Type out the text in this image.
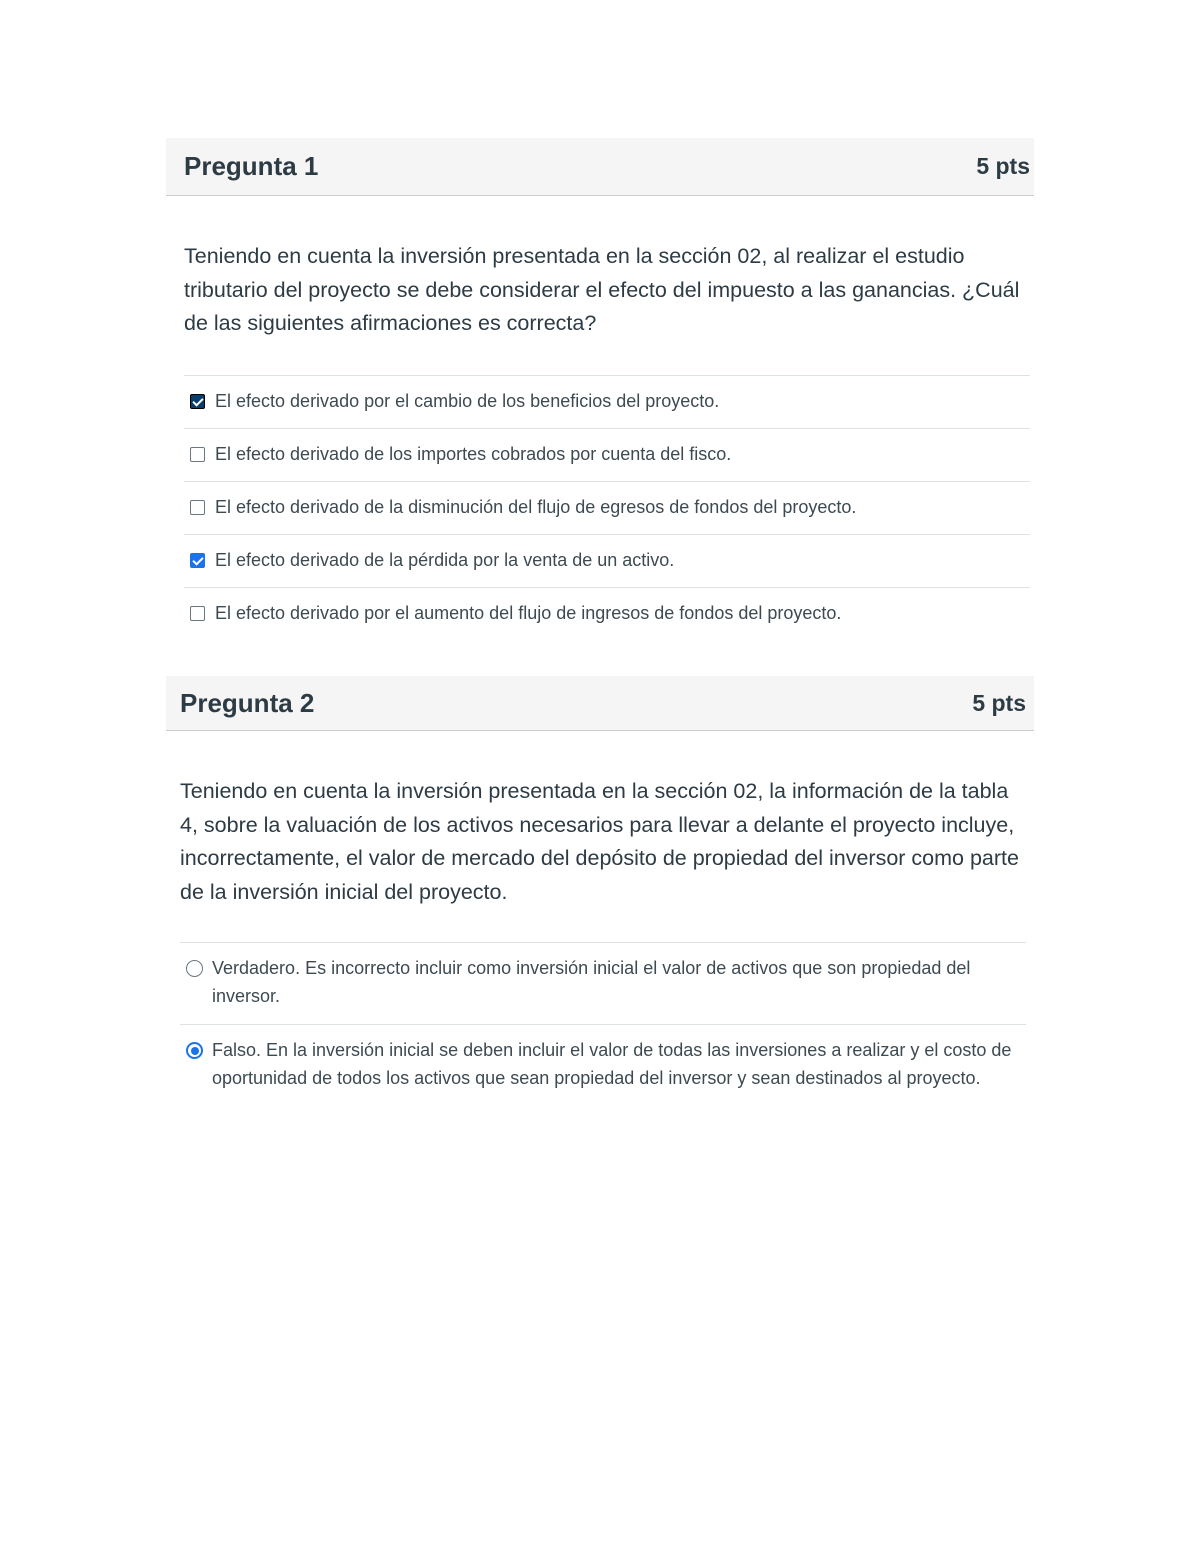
Pregunta 1	5 pts
Teniendo en cuenta la inversión presentada en la sección 02, al realizar el estudio tributario del proyecto se debe considerar el efecto del impuesto a las ganancias. ¿Cuál de las siguientes afirmaciones es correcta?
El efecto derivado por el cambio de los beneficios del proyecto.
El efecto derivado de los importes cobrados por cuenta del fisco.
El efecto derivado de la disminución del flujo de egresos de fondos del proyecto.
El efecto derivado de la pérdida por la venta de un activo.
El efecto derivado por el aumento del flujo de ingresos de fondos del proyecto.
Pregunta 2	5 pts
Teniendo en cuenta la inversión presentada en la sección 02, la información de la tabla 4, sobre la valuación de los activos necesarios para llevar a delante el proyecto incluye, incorrectamente, el valor de mercado del depósito de propiedad del inversor como parte de la inversión inicial del proyecto.
Verdadero. Es incorrecto incluir como inversión inicial el valor de activos que son propiedad del inversor.
Falso. En la inversión inicial se deben incluir el valor de todas las inversiones a realizar y el costo de oportunidad de todos los activos que sean propiedad del inversor y sean destinados al proyecto.
